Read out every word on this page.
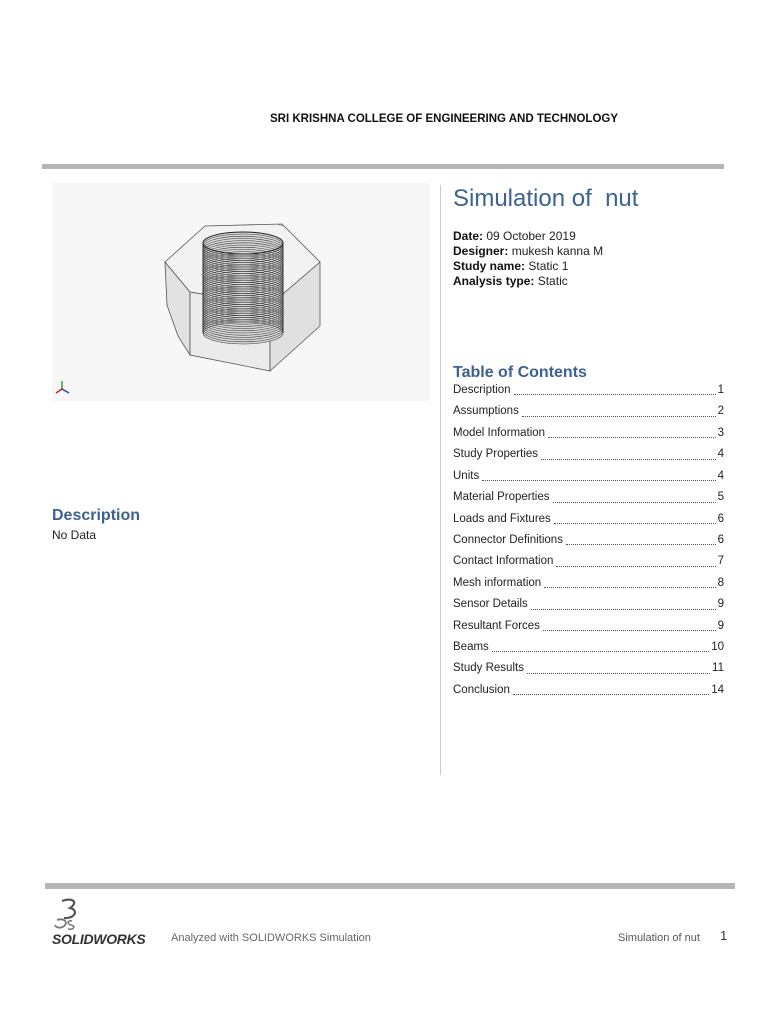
SRI KRISHNA COLLEGE OF ENGINEERING AND TECHNOLOGY
Simulation of  nut
Date: 09 October 2019
Designer: mukesh kanna M
Study name: Static 1
Analysis type: Static
Table of Contents
Description	1
Assumptions	2
Model Information	3
Study Properties	4
Units	4
Material Properties	5
Loads and Fixtures	6
Connector Definitions	6
Contact Information	7
Mesh information	8
Sensor Details	9
Resultant Forces	9
Beams	10
Study Results	11
Conclusion	14
Description
No Data
SOLIDWORKS Analyzed with SOLIDWORKS Simulation	Simulation of nut 1
